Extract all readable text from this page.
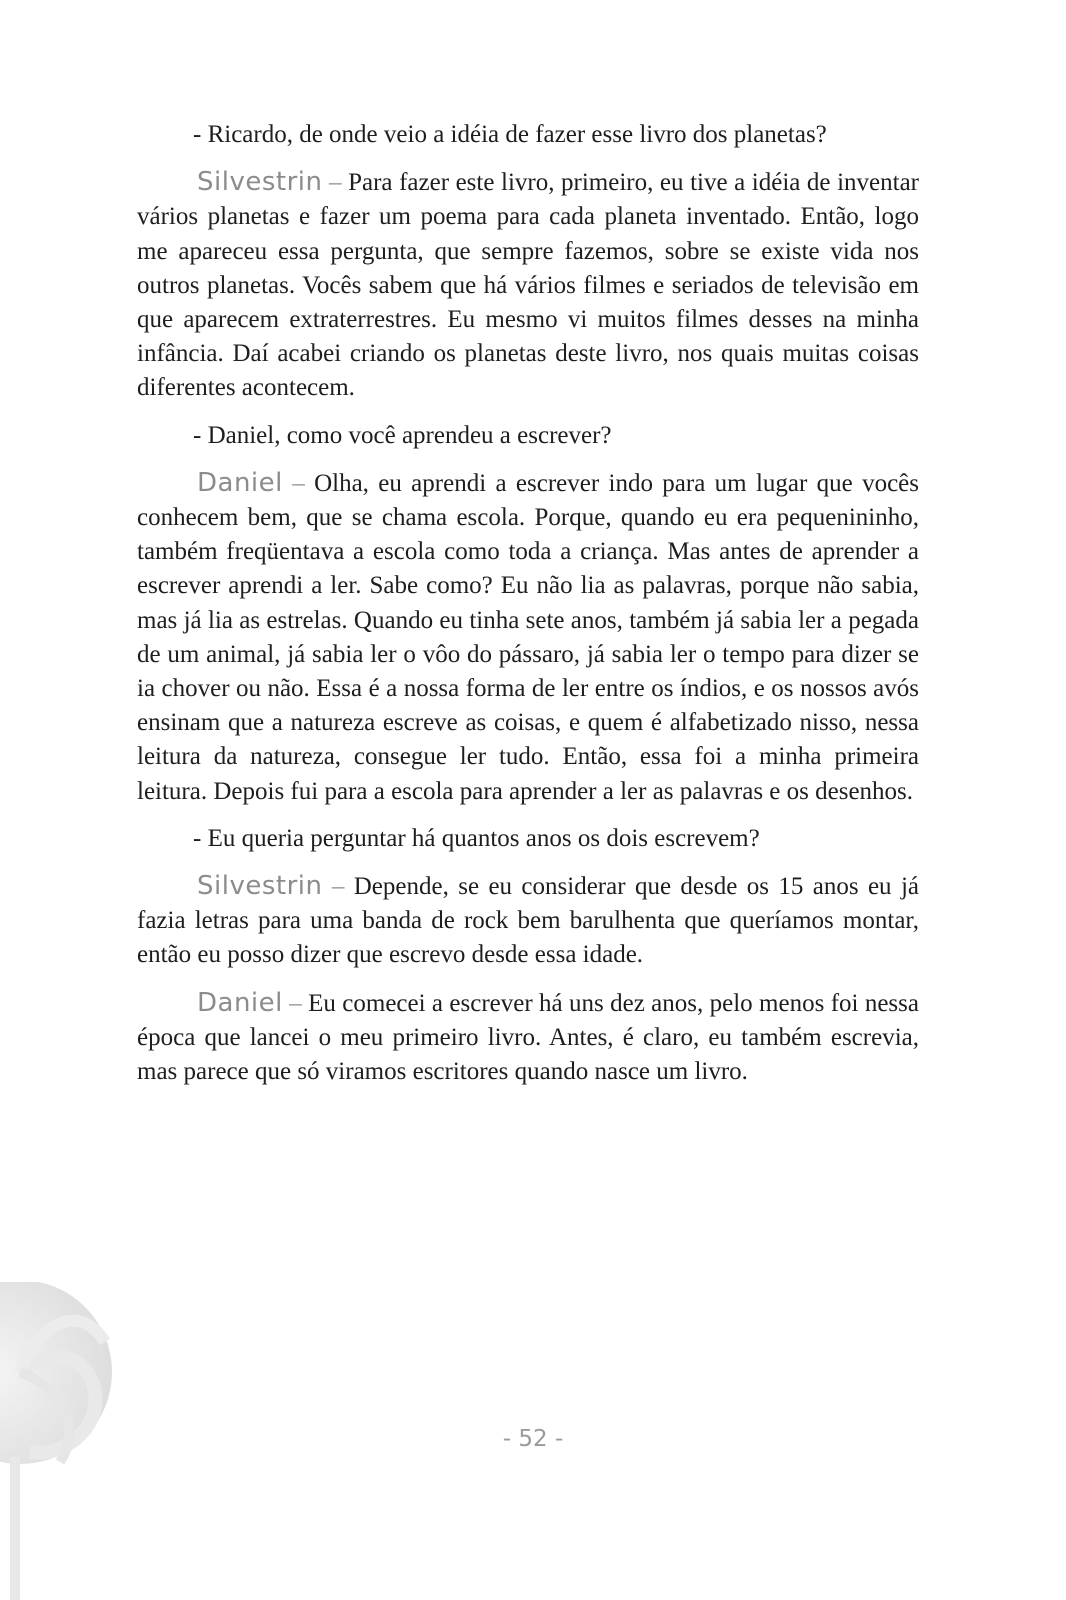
- Ricardo, de onde veio a idéia de fazer esse livro dos planetas?

Silvestrin – Para fazer este livro, primeiro, eu tive a idéia de inventar vários planetas e fazer um poema para cada planeta inventado. Então, logo me apareceu essa pergunta, que sempre fazemos, sobre se existe vida nos outros planetas. Vocês sabem que há vários filmes e seriados de televisão em que aparecem extraterrestres. Eu mesmo vi muitos filmes desses na minha infância. Daí acabei criando os planetas deste livro, nos quais muitas coisas diferentes acontecem.

- Daniel, como você aprendeu a escrever?

Daniel – Olha, eu aprendi a escrever indo para um lugar que vocês conhecem bem, que se chama escola. Porque, quando eu era pequenininho, também freqüentava a escola como toda a criança. Mas antes de aprender a escrever aprendi a ler. Sabe como? Eu não lia as palavras, porque não sabia, mas já lia as estrelas. Quando eu tinha sete anos, também já sabia ler a pegada de um animal, já sabia ler o vôo do pássaro, já sabia ler o tempo para dizer se ia chover ou não. Essa é a nossa forma de ler entre os índios, e os nossos avós ensinam que a natureza escreve as coisas, e quem é alfabetizado nisso, nessa leitura da natureza, consegue ler tudo. Então, essa foi a minha primeira leitura. Depois fui para a escola para aprender a ler as palavras e os desenhos.

- Eu queria perguntar há quantos anos os dois escrevem?

Silvestrin – Depende, se eu considerar que desde os 15 anos eu já fazia letras para uma banda de rock bem barulhenta que queríamos montar, então eu posso dizer que escrevo desde essa idade.

Daniel – Eu comecei a escrever há uns dez anos, pelo menos foi nessa época que lancei o meu primeiro livro. Antes, é claro, eu também escrevia, mas parece que só viramos escritores quando nasce um livro.

- 52 -
